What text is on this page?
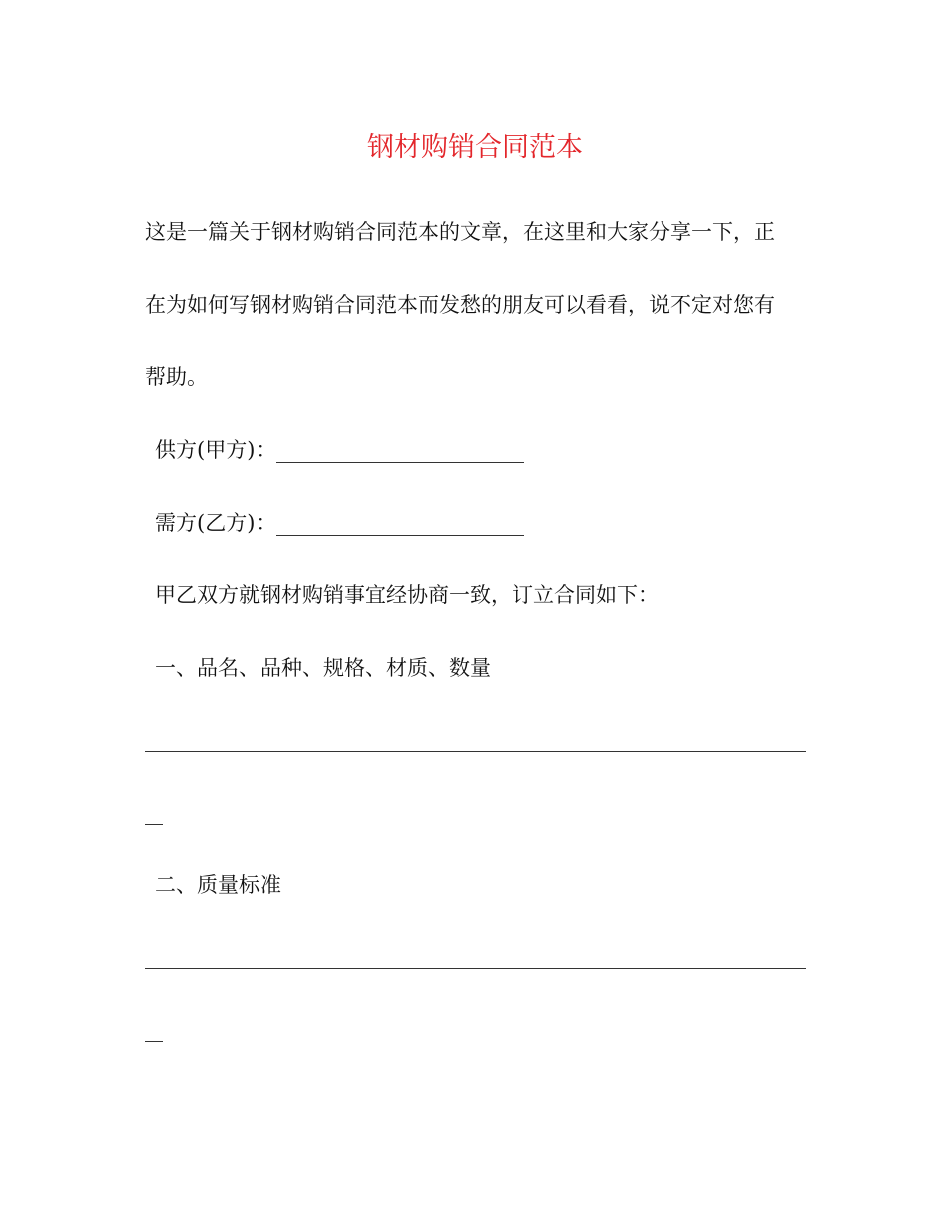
钢材购销合同范本
这是一篇关于钢材购销合同范本的文章，在这里和大家分享一下，正
在为如何写钢材购销合同范本而发愁的朋友可以看看，说不定对您有
帮助。
供方(甲方)：
需方(乙方)：
甲乙双方就钢材购销事宜经协商一致，订立合同如下：
一、品名、品种、规格、材质、数量
二、质量标准
